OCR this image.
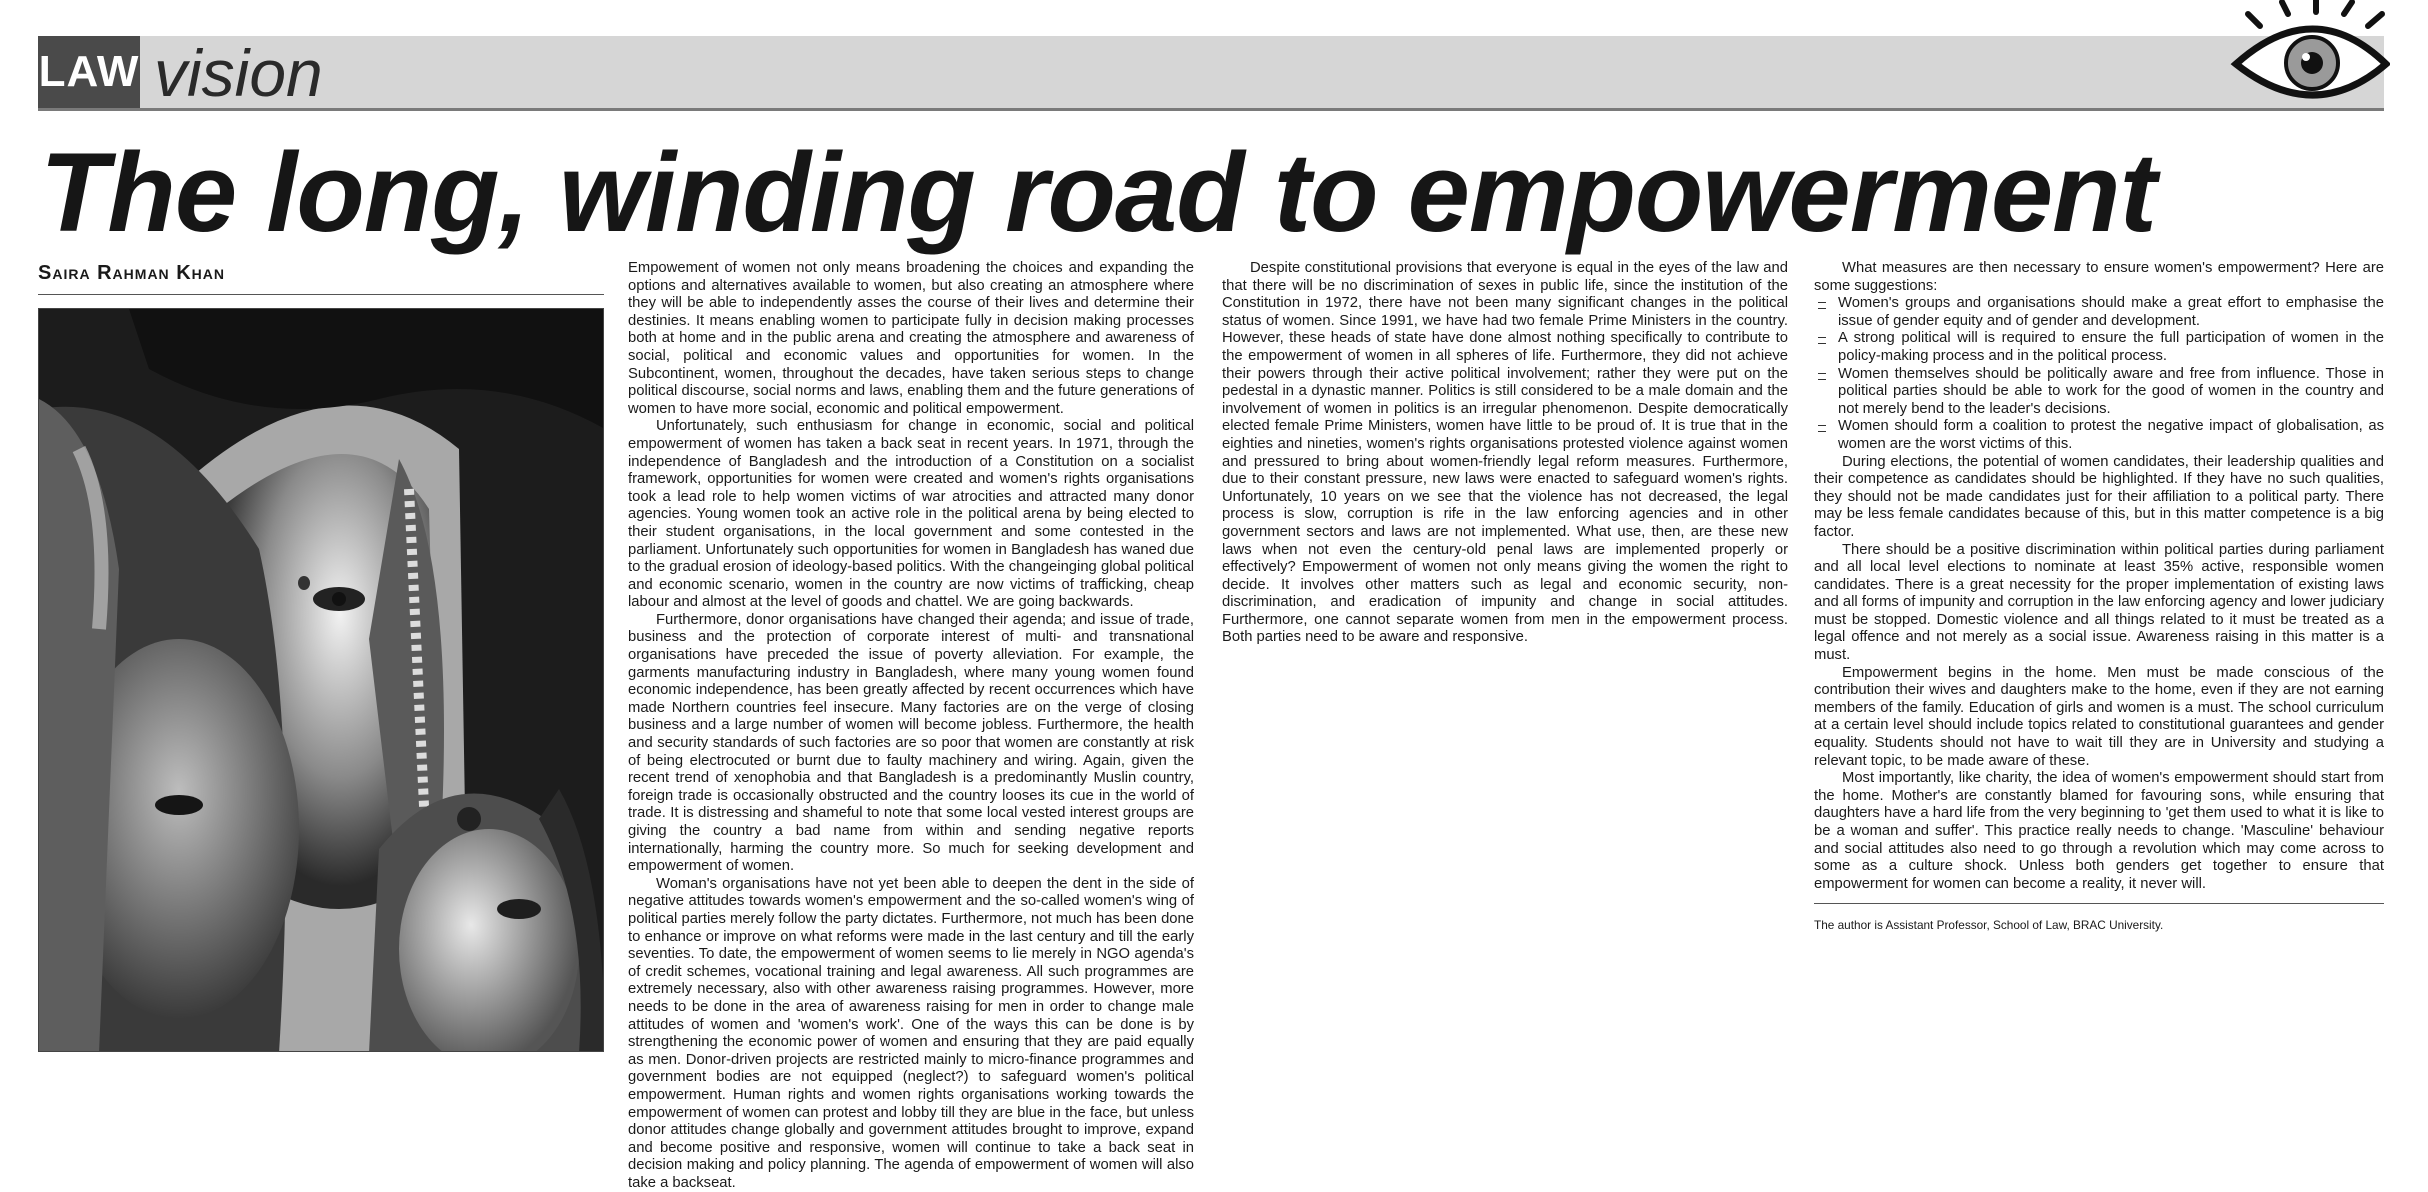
LAW vision
The long, winding road to empowerment
Saira Rahman Khan	Empowement of women not only means broadening the choices and expanding the options and alternatives available to women, but also creating an atmosphere where they will be able to independently asses the course of their lives and determine their destinies. It means enabling women to participate fully in decision making processes both at home and in the public arena and creating the atmosphere and awareness of social, political and economic values and opportunities for women. In the Subcontinent, women, throughout the decades, have taken serious steps to change political discourse, social norms and laws, enabling them and the future generations of women to have more social, economic and political empowerment.

Unfortunately, such enthusiasm for change in economic, social and political empowerment of women has taken a back seat in recent years. In 1971, through the independence of Bangladesh and the introduction of a Constitution on a socialist framework, opportunities for women were created and women's rights organisations took a lead role to help women victims of war atrocities and attracted many donor agencies. Young women took an active role in the political arena by being elected to their student organisations, in the local government and some contested in the parliament. Unfortunately such opportunities for women in Bangladesh has waned due to the gradual erosion of ideology-based politics. With the changeinging global political and economic scenario, women in the country are now victims of trafficking, cheap labour and almost at the level of goods and chattel. We are going backwards.

Furthermore, donor organisations have changed their agenda; and issue of trade, business and the protection of corporate interest of multi- and transnational organisations have preceded the issue of poverty alleviation. For example, the garments manufacturing industry in Bangladesh, where many young women found economic independence, has been greatly affected by recent occurrences which have made Northern countries feel insecure. Many factories are on the verge of closing business and a large number of women will become jobless. Furthermore, the health and security standards of such factories are so poor that women are constantly at risk of being electrocuted or burnt due to faulty machinery and wiring. Again, given the recent trend of xenophobia and that Bangladesh is a predominantly Muslin country, foreign trade is occasionally obstructed and the country looses its cue in the world of trade. It is distressing and shameful to note that some local vested interest groups are giving the country a bad name from within and sending negative reports internationally, harming the country more. So much for seeking development and empowerment of women.

Woman's organisations have not yet been able to deepen the dent in the side of negative attitudes towards women's empowerment and the so-called women's wing of political parties merely follow the party dictates. Furthermore, not much has been done to enhance or improve on what reforms were made in the last century and till the early seventies. To date, the empowerment of women seems to lie merely in NGO agenda's of credit schemes, vocational training and legal awareness. All such programmes are extremely necessary, also with other awareness raising programmes. However, more needs to be done in the area of awareness raising for men in order to change male attitudes of women and 'women's work'. One of the ways this can be done is by strengthening the economic power of women and ensuring that they are paid equally as men. Donor-driven projects are restricted mainly to micro-finance programmes and government bodies are not equipped (neglect?) to safeguard women's political empowerment. Human rights and women rights organisations working towards the empowerment of women can protest and lobby till they are blue in the face, but unless donor attitudes change globally and government attitudes brought to improve, expand and become positive and responsive, women will continue to take a back seat in decision making and policy planning. The agenda of empowerment of women will also take a backseat.

Despite constitutional provisions that everyone is equal in the eyes of the law and that there will be no discrimination of sexes in public life, since the institution of the Constitution in 1972, there have not been many significant changes in the political status of women. Since 1991, we have had two female Prime Ministers in the country. However, these heads of state have done almost nothing specifically to contribute to the empowerment of women in all spheres of life. Furthermore, they did not achieve their powers through their active political involvement; rather they were put on the pedestal in a dynastic manner. Politics is still considered to be a male domain and the involvement of women in politics is an irregular phenomenon. Despite democratically elected female Prime Ministers, women have little to be proud of. It is true that in the eighties and nineties, women's rights organisations protested violence against women and pressured to bring about women-friendly legal reform measures. Furthermore, due to their constant pressure, new laws were enacted to safeguard women's rights. Unfortunately, 10 years on we see that the violence has not decreased, the legal process is slow, corruption is rife in the law enforcing agencies and in other government sectors and laws are not implemented. What use, then, are these new laws when not even the century-old penal laws are implemented properly or effectively? Empowerment of women not only means giving the women the right to decide. It involves other matters such as legal and economic security, non-discrimination, and eradication of impunity and change in social attitudes. Furthermore, one cannot separate women from men in the empowerment process. Both parties need to be aware and responsive.

What measures are then necessary to ensure women's empowerment? Here are some suggestions:

Women's groups and organisations should make a great effort to emphasise the issue of gender equity and of gender and development.
A strong political will is required to ensure the full participation of women in the policy-making process and in the political process.
Women themselves should be politically aware and free from influence. Those in political parties should be able to work for the good of women in the country and not merely bend to the leader's decisions.
Women should form a coalition to protest the negative impact of globalisation, as women are the worst victims of this.

During elections, the potential of women candidates, their leadership qualities and their competence as candidates should be highlighted. If they have no such qualities, they should not be made candidates just for their affiliation to a political party. There may be less female candidates because of this, but in this matter competence is a big factor.

There should be a positive discrimination within political parties during parliament and all local level elections to nominate at least 35% active, responsible women candidates. There is a great necessity for the proper implementation of existing laws and all forms of impunity and corruption in the law enforcing agency and lower judiciary must be stopped. Domestic violence and all things related to it must be treated as a legal offence and not merely as a social issue. Awareness raising in this matter is a must.

Empowerment begins in the home. Men must be made conscious of the contribution their wives and daughters make to the home, even if they are not earning members of the family. Education of girls and women is a must. The school curriculum at a certain level should include topics related to constitutional guarantees and gender equality. Students should not have to wait till they are in University and studying a relevant topic, to be made aware of these.

Most importantly, like charity, the idea of women's empowerment should start from the home. Mother's are constantly blamed for favouring sons, while ensuring that daughters have a hard life from the very beginning to 'get them used to what it is like to be a woman and suffer'. This practice really needs to change. 'Masculine' behaviour and social attitudes also need to go through a revolution which may come across to some as a culture shock. Unless both genders get together to ensure that empowerment for women can become a reality, it never will.

The author is Assistant Professor, School of Law, BRAC University.
